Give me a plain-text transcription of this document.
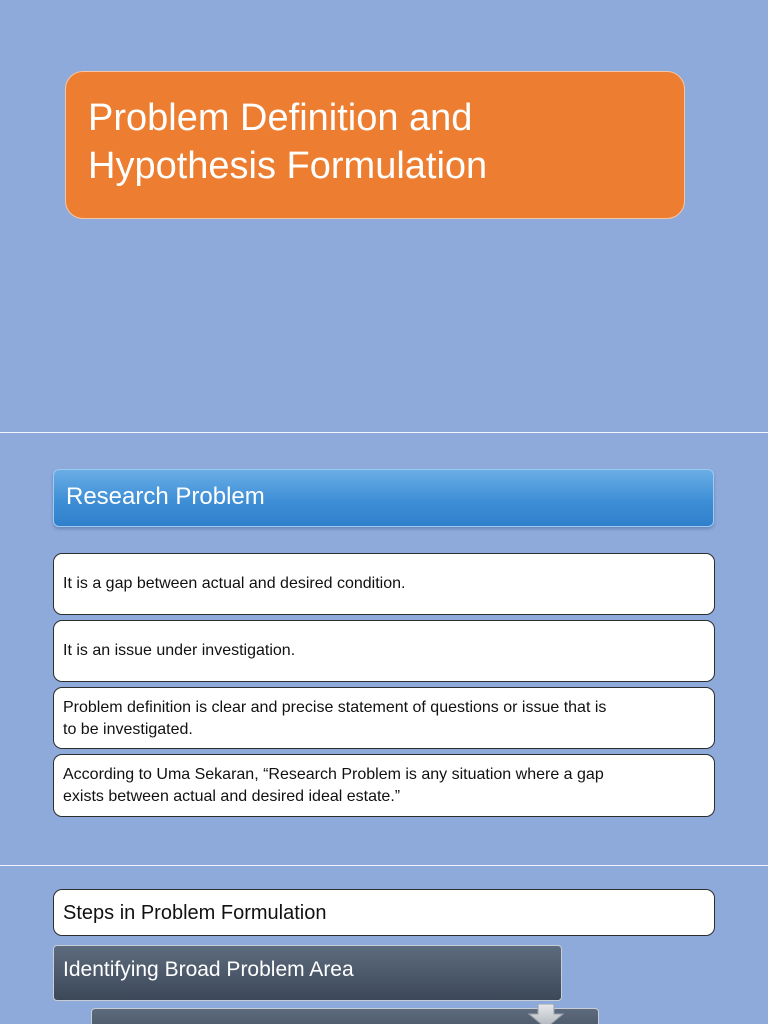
Problem Definition and
Hypothesis Formulation
Research Problem
It is a gap between actual and desired condition.
It is an issue under investigation.
Problem definition is clear and precise statement of questions or issue that is
to be investigated.
According to Uma Sekaran, “Research Problem is any situation where a gap
exists between actual and desired ideal estate.”
Steps in Problem Formulation
Identifying Broad Problem Area
